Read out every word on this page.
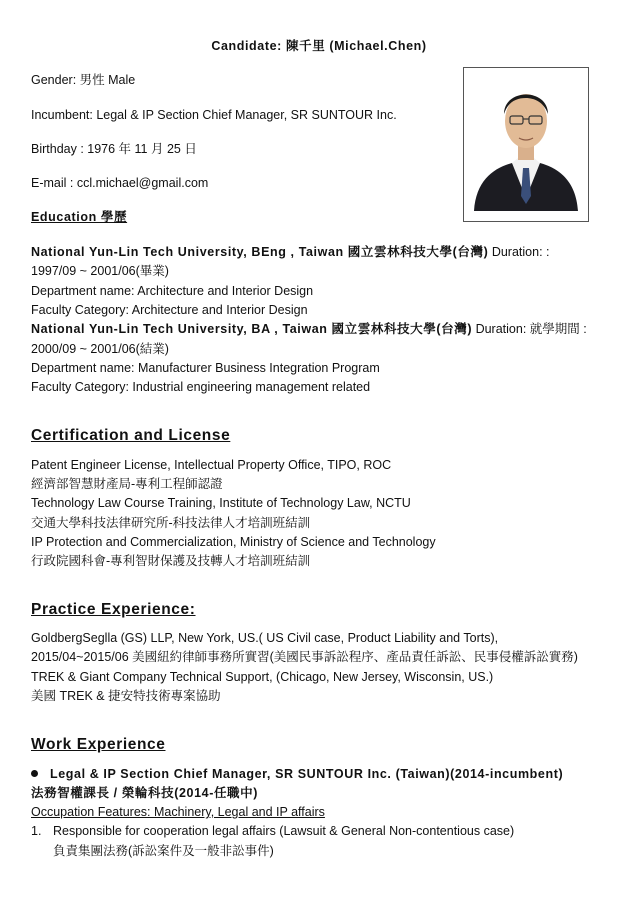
Candidate: 陳千里 (Michael.Chen)
Gender: 男性 Male
Incumbent: Legal & IP Section Chief Manager, SR SUNTOUR Inc.
Birthday : 1976 年 11 月 25 日
E-mail : ccl.michael@gmail.com
Education 學歷
National Yun-Lin Tech University, BEng , Taiwan 國立雲林科技大學(台灣) Duration: :
1997/09 ~ 2001/06(畢業)
Department name: Architecture and Interior Design
Faculty Category: Architecture and Interior Design
National Yun-Lin Tech University, BA , Taiwan 國立雲林科技大學(台灣) Duration: 就學期間 :
2000/09 ~ 2001/06(結業)
Department name: Manufacturer Business Integration Program
Faculty Category: Industrial engineering management related
Certification and License
Patent Engineer License, Intellectual Property Office, TIPO, ROC
經濟部智慧財產局-專利工程師認證
Technology Law Course Training, Institute of Technology Law, NCTU
交通大學科技法律研究所-科技法律人才培訓班結訓
IP Protection and Commercialization, Ministry of Science and Technology
行政院國科會-專利智財保護及技轉人才培訓班結訓
Practice Experience:
GoldbergSeglla (GS) LLP, New York, US.( US Civil case, Product Liability and Torts),
2015/04~2015/06 美國紐約律師事務所實習(美國民事訴訟程序、產品責任訴訟、民事侵權訴訟實務)
TREK & Giant Company Technical Support, (Chicago, New Jersey, Wisconsin, US.)
美國 TREK & 捷安特技術專案協助
Work Experience
Legal & IP Section Chief Manager, SR SUNTOUR Inc. (Taiwan)(2014-incumbent)
法務智權課長 / 榮輪科技(2014-任職中)
Occupation Features: Machinery, Legal and IP affairs
1. Responsible for cooperation legal affairs (Lawsuit & General Non-contentious case)
負責集團法務(訴訟案件及一般非訟事件)
